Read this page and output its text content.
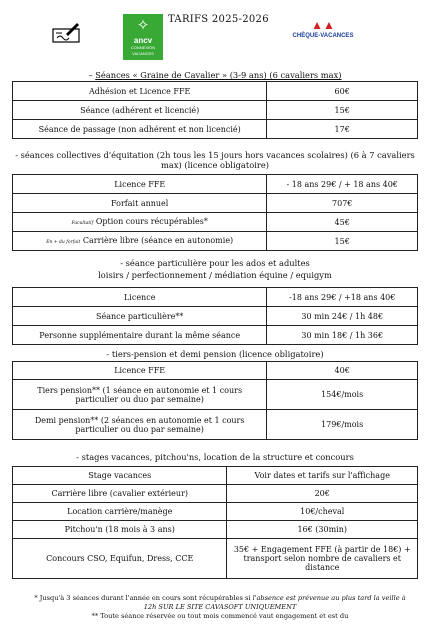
✧
ancv
CONNEXION VACANCES
TARIFS 2025-2026	▲▲
CHÈQUE-VACANCES
– Séances « Graine de Cavalier » (3-9 ans) (6 cavaliers max)
Adhésion et Licence FFE	60€
Séance (adhérent et licencié)	15€
Séance de passage (non adhérent et non licencié)	17€
- séances collectives d'équitation (2h tous les 15 jours hors vacances scolaires) (6 à 7 cavaliers max) (licence obligatoire)
Licence FFE	- 18 ans 29€ / + 18 ans 40€
Forfait annuel	707€
Facultatif Option cours récupérables*	45€
En + du forfait Carrière libre (séance en autonomie)	15€
- séance particulière pour les ados et adultes
loisirs / perfectionnement / médiation équine / equigym
Licence	-18 ans 29€ / +18 ans 40€
Séance particulière**	30 min 24€ / 1h 48€
Personne supplémentaire durant la même séance	30 min 18€ / 1h 36€
- tiers-pension et demi pension (licence obligatoire)
Licence FFE	40€
Tiers pension** (1 séance en autonomie et 1 cours particulier ou duo par semaine)	154€/mois
Demi pension** (2 séances en autonomie et 1 cours particulier ou duo par semaine)	179€/mois
- stages vacances, pitchou'ns, location de la structure et concours
Stage vacances	Voir dates et tarifs sur l'affichage
Carrière libre (cavalier extérieur)	20€
Location carrière/manège	10€/cheval
Pitchou'n (18 mois à 3 ans)	16€ (30min)
Concours CSO, Equifun, Dress, CCE	35€ + Engagement FFE (à partir de 18€) + transport selon nombre de cavaliers et distance
* Jusqu'à 3 séances durant l'année en cours sont récupérables si l'absence est prévenue au plus tard la veille à 12h SUR LE SITE CAVASOFT UNIQUEMENT
** Toute séance réservée ou tout mois commencé vaut engagement et est du
